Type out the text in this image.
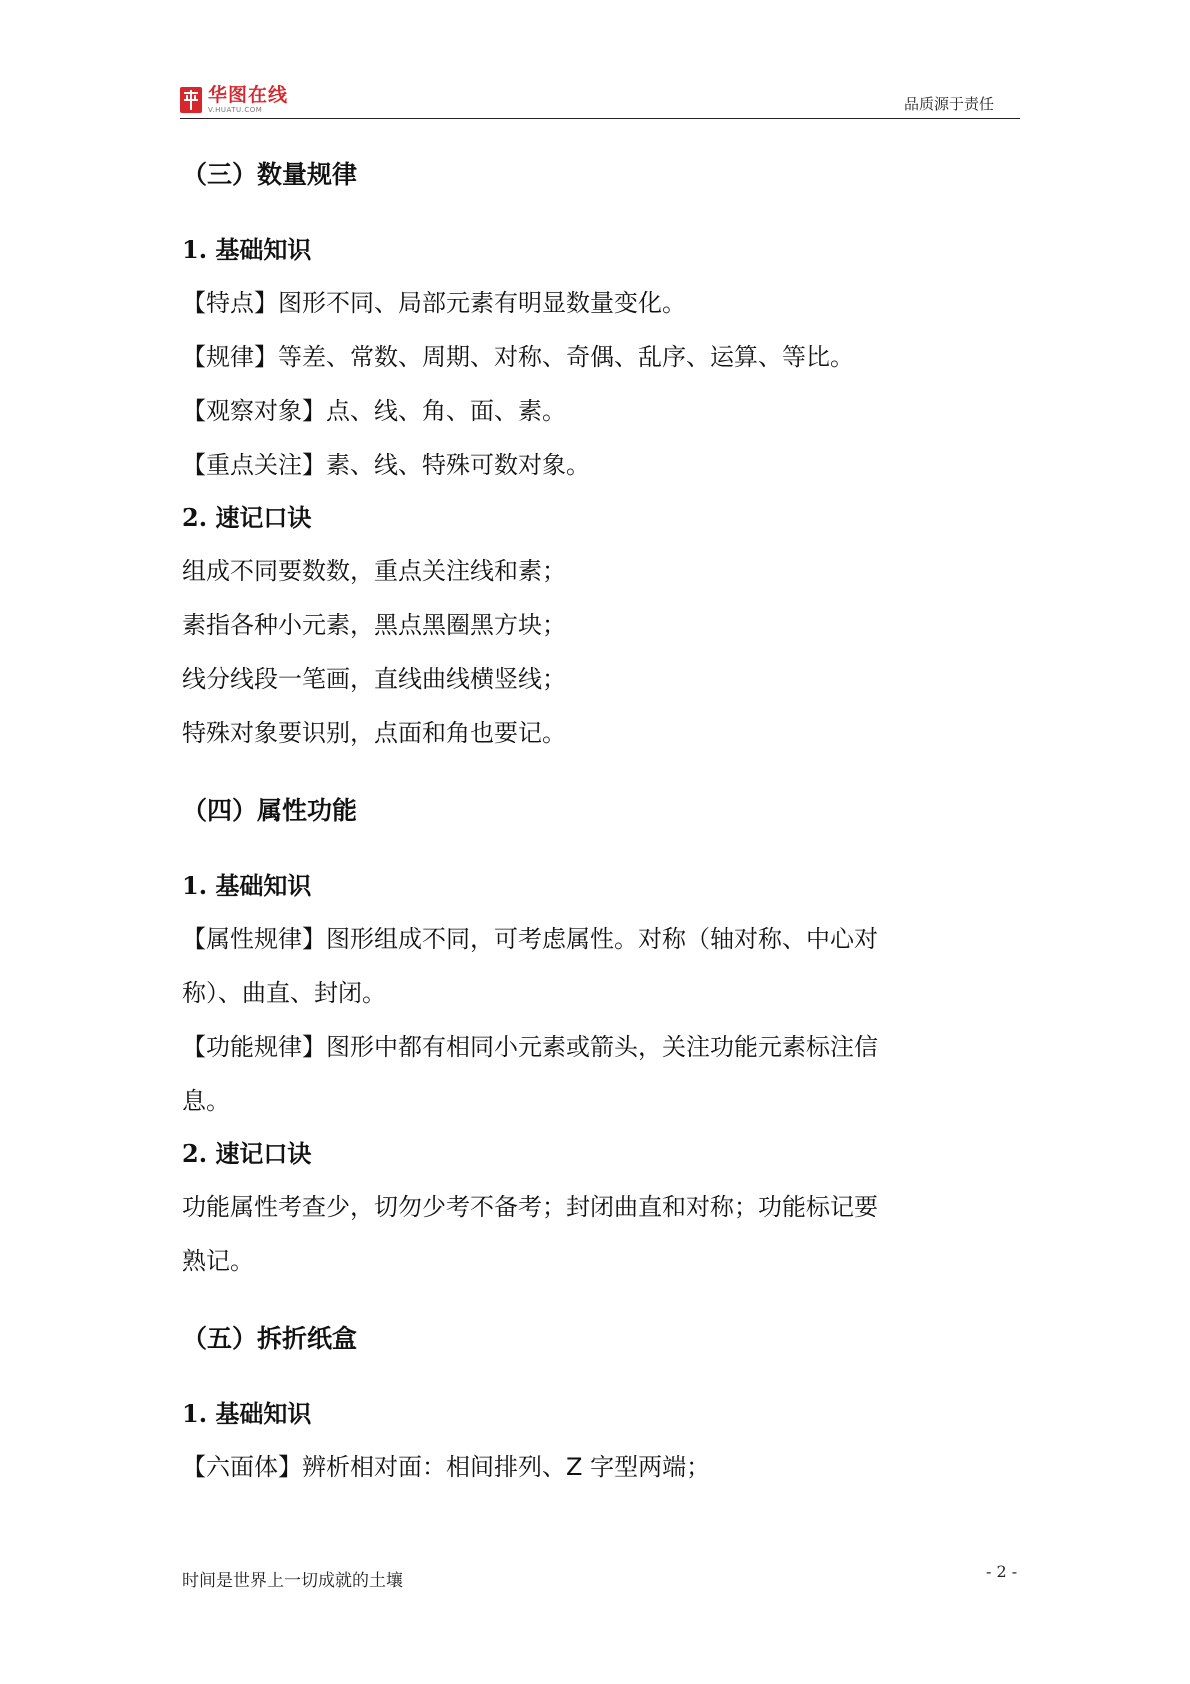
华图在线
V.HUATU.COM	品质源于责任
（三）数量规律
1. 基础知识
【特点】图形不同、局部元素有明显数量变化。
【规律】等差、常数、周期、对称、奇偶、乱序、运算、等比。
【观察对象】点、线、角、面、素。
【重点关注】素、线、特殊可数对象。
2. 速记口诀
组成不同要数数，重点关注线和素；
素指各种小元素，黑点黑圈黑方块；
线分线段一笔画，直线曲线横竖线；
特殊对象要识别，点面和角也要记。
（四）属性功能
1. 基础知识
【属性规律】图形组成不同，可考虑属性。对称（轴对称、中心对
称）、曲直、封闭。
【功能规律】图形中都有相同小元素或箭头，关注功能元素标注信
息。
2. 速记口诀
功能属性考查少，切勿少考不备考；封闭曲直和对称；功能标记要
熟记。
（五）拆折纸盒
1. 基础知识
【六面体】辨析相对面：相间排列、Z 字型两端；
时间是世界上一切成就的土壤	- 2 -
